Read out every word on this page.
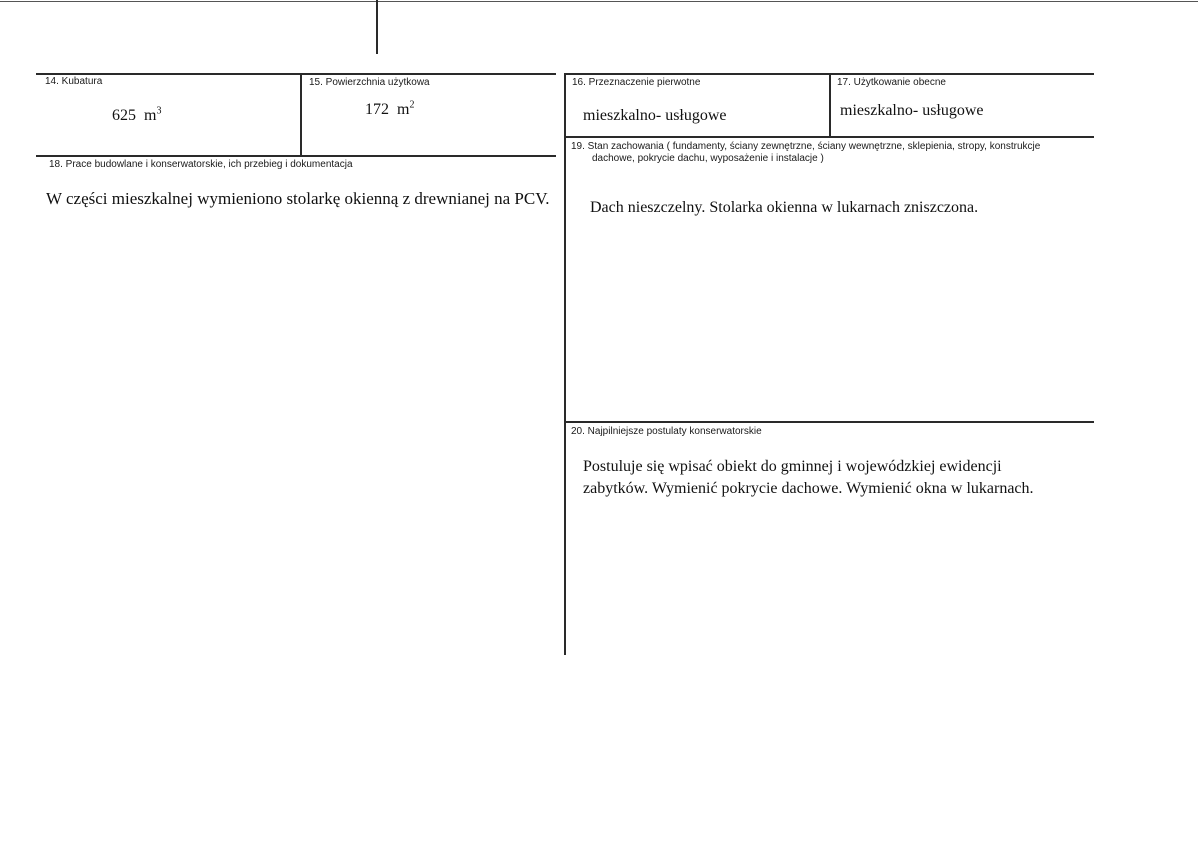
14. Kubatura
625 $m^3$
15. Powierzchnia użytkowa
172 $m^2$
16. Przeznaczenie pierwotne
mieszkalno- usługowe
17. Użytkowanie obecne
mieszkalno- usługowe
18. Prace budowlane i konserwatorskie, ich przebieg i dokumentacja
W części mieszkalnej wymieniono stolarkę okienną z drewnianej na PCV.
19. Stan zachowania ( fundamenty, ściany zewnętrzne, ściany wewnętrzne, sklepienia, stropy, konstrukcje
dachowe, pokrycie dachu, wyposażenie i instalacje )
Dach nieszczelny. Stolarka okienna w lukarnach zniszczona.
20. Najpilniejsze postulaty konserwatorskie
Postuluje się wpisać obiekt do gminnej i wojewódzkiej ewidencji
zabytków. Wymienić pokrycie dachowe. Wymienić okna w lukarnach.
